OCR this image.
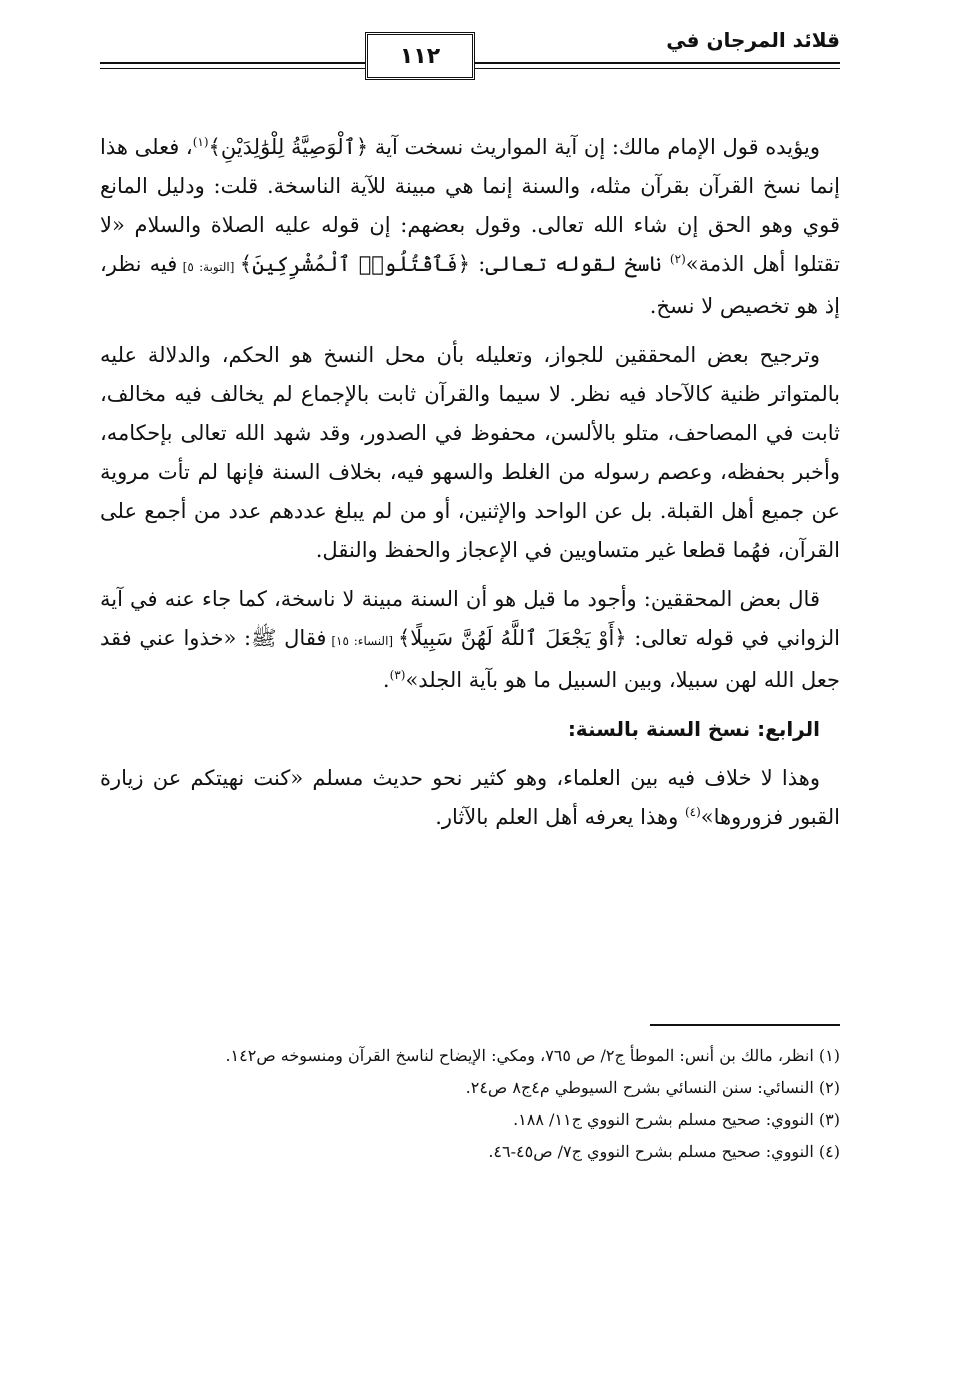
١١٢
قلائد المرجان في

ويؤيده قول الإمام مالك: إن آية المواريث نسخت آية ﴿ٱلْوَصِيَّةُ لِلْوَٰلِدَيْنِ﴾$^{(١)}$، فعلى هذا إنما نسخ القرآن بقرآن مثله، والسنة إنما هي مبينة للآية الناسخة. قلت: ودليل المانع قوي وهو الحق إن شاء الله تعالى. وقول بعضهم: إن قوله عليه الصلاة والسلام «لا تقتلوا أهل الذمة»$^{(٢)}$ ناسخ لقوله تعالى: ﴿فَٱقْتُلُوا۟ ٱلْمُشْرِكِينَ﴾ [التوبة: ٥] فيه نظر، إذ هو تخصيص لا نسخ.

وترجيح بعض المحققين للجواز، وتعليله بأن محل النسخ هو الحكم، والدلالة عليه بالمتواتر ظنية كالآحاد فيه نظر. لا سيما والقرآن ثابت بالإجماع لم يخالف فيه مخالف، ثابت في المصاحف، متلو بالألسن، محفوظ في الصدور، وقد شهد الله تعالى بإحكامه، وأخبر بحفظه، وعصم رسوله من الغلط والسهو فيه، بخلاف السنة فإنها لم تأت مروية عن جميع أهل القبلة. بل عن الواحد والإثنين، أو من لم يبلغ عددهم عدد من أجمع على القرآن، فهُما قطعا غير متساويين في الإعجاز والحفظ والنقل.

قال بعض المحققين: وأجود ما قيل هو أن السنة مبينة لا ناسخة، كما جاء عنه في آية الزواني في قوله تعالى: ﴿أَوْ يَجْعَلَ ٱللَّهُ لَهُنَّ سَبِيلًا﴾ [النساء: ١٥] فقال ﷺ: «خذوا عني فقد جعل الله لهن سبيلا، وبين السبيل ما هو بآية الجلد»$^{(٣)}$.

الرابع: نسخ السنة بالسنة:

وهذا لا خلاف فيه بين العلماء، وهو كثير نحو حديث مسلم «كنت نهيتكم عن زيارة القبور فزوروها»$^{(٤)}$ وهذا يعرفه أهل العلم بالآثار.

(١) انظر، مالك بن أنس: الموطأ ج٢/ ص ٧٦٥، ومكي: الإيضاح لناسخ القرآن ومنسوخه ص١٤٢.

(٢) النسائي: سنن النسائي بشرح السيوطي م٤ج٨ ص٢٤.

(٣) النووي: صحيح مسلم بشرح النووي ج١١/ ١٨٨.

(٤) النووي: صحيح مسلم بشرح النووي ج٧/ ص٤٥-٤٦.
